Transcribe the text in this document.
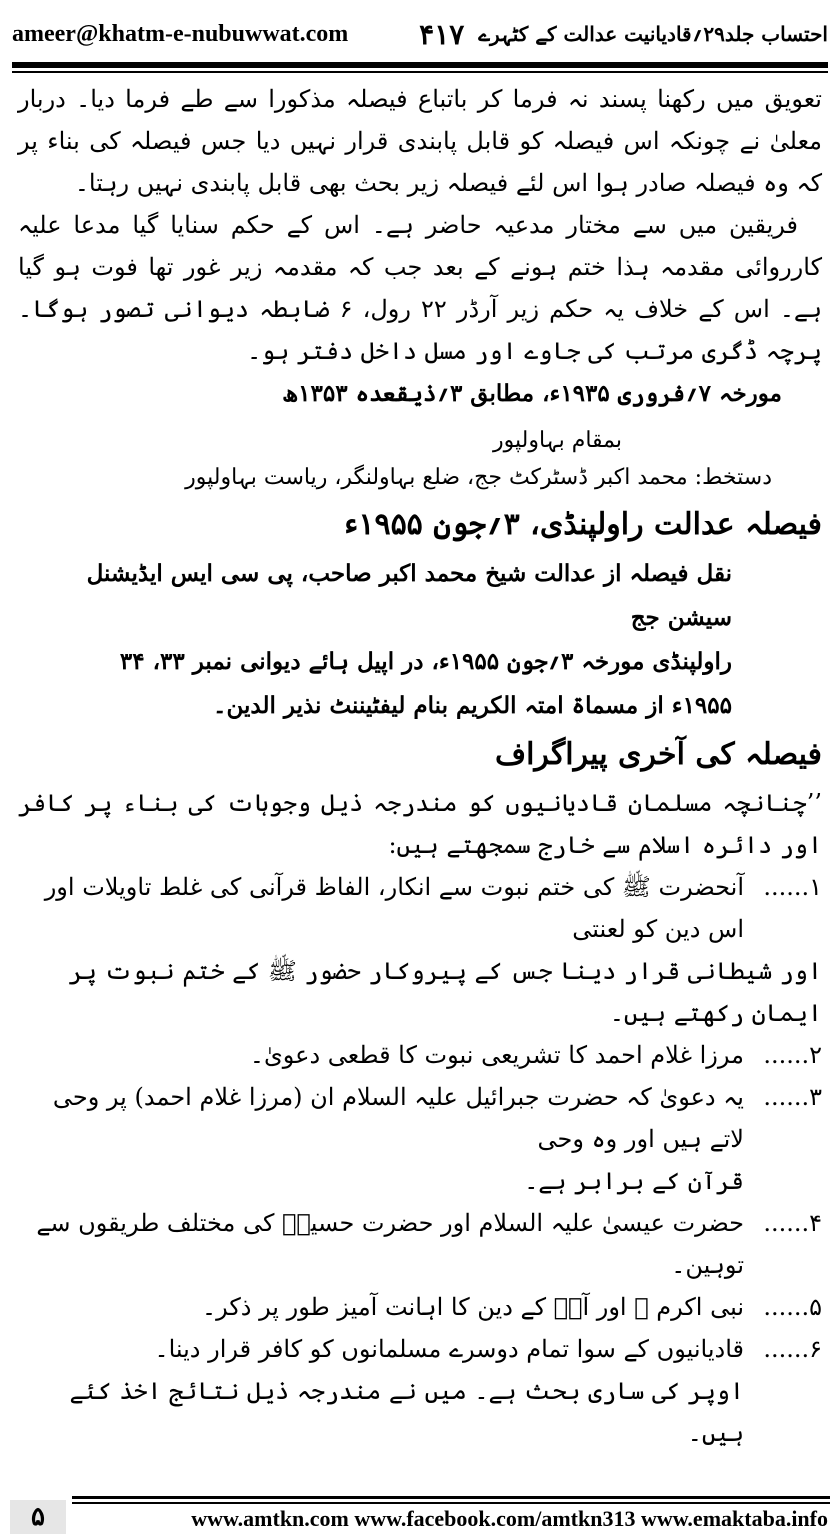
ameer@khatm-e-nubuwwat.com	احتساب جلد۲۹؍قادیانیت عدالت کے کٹہرے
۴۱۷

تعویق میں رکھنا پسند نہ فرما کر باتباع فیصلہ مذکورا سے طے فرما دیا۔ دربار معلیٰ نے چونکہ اس فیصلہ کو قابل پابندی قرار نہیں دیا جس فیصلہ کی بناء پر کہ وہ فیصلہ صادر ہوا اس لئے فیصلہ زیر بحث بھی قابل پابندی نہیں رہتا۔

فریقین میں سے مختار مدعیہ حاضر ہے۔ اس کے حکم سنایا گیا مدعا علیہ کارروائی مقدمہ ہذا ختم ہونے کے بعد جب کہ مقدمہ زیر غور تھا فوت ہو گیا ہے۔ اس کے خلاف یہ حکم زیر آرڈر ۲۲ رول، ۶ ضابطہ دیوانی تصور ہوگا۔ پرچہ ڈگری مرتب کی جاوے اور مسل داخل دفتر ہو۔

مورخہ ۷؍فروری ۱۹۳۵ء، مطابق ۳؍ذیقعدہ ۱۳۵۳ھ

بمقام بہاولپور

دستخط: محمد اکبر ڈسٹرکٹ جج، ضلع بہاولنگر، ریاست بہاولپور

فیصلہ عدالت راولپنڈی، ۳؍جون ۱۹۵۵ء

نقل فیصلہ از عدالت شیخ محمد اکبر صاحب، پی سی ایس ایڈیشنل سیشن جج

راولپنڈی مورخہ ۳؍جون ۱۹۵۵ء، در اپیل ہائے دیوانی نمبر ۳۳، ۳۴

۱۹۵۵ء از مسماۃ امتہ الکریم بنام لیفٹیننٹ نذیر الدین۔

فیصلہ کی آخری پیراگراف

’’چنانچہ مسلمان قادیانیوں کو مندرجہ ذیل وجوہات کی بناء پر کافر اور دائرہ اسلام سے خارج سمجھتے ہیں:

۱......
آنحضرت ﷺ کی ختم نبوت سے انکار، الفاظ قرآنی کی غلط تاویلات اور اس دین کو لعنتی

اور شیطانی قرار دینا جس کے پیروکار حضور ﷺ کے ختم نبوت پر ایمان رکھتے ہیں۔

۲......
مرزا غلام احمد کا تشریعی نبوت کا قطعی دعویٰ۔
۳......
یہ دعویٰ کہ حضرت جبرائیل علیہ السلام ان (مرزا غلام احمد) پر وحی لاتے ہیں اور وہ وحی

قرآن کے برابر ہے۔

۴......
حضرت عیسیٰ علیہ السلام اور حضرت حسینؓ کی مختلف طریقوں سے توہین۔
۵......
نبی اکرم ﷺ اور آپؐ کے دین کا اہانت آمیز طور پر ذکر۔
۶......
قادیانیوں کے سوا تمام دوسرے مسلمانوں کو کافر قرار دینا۔

اوپر کی ساری بحث ہے۔ میں نے مندرجہ ذیل نتائج اخذ کئے ہیں۔

۵	www.amtkn.com www.facebook.com/amtkn313 www.emaktaba.info
